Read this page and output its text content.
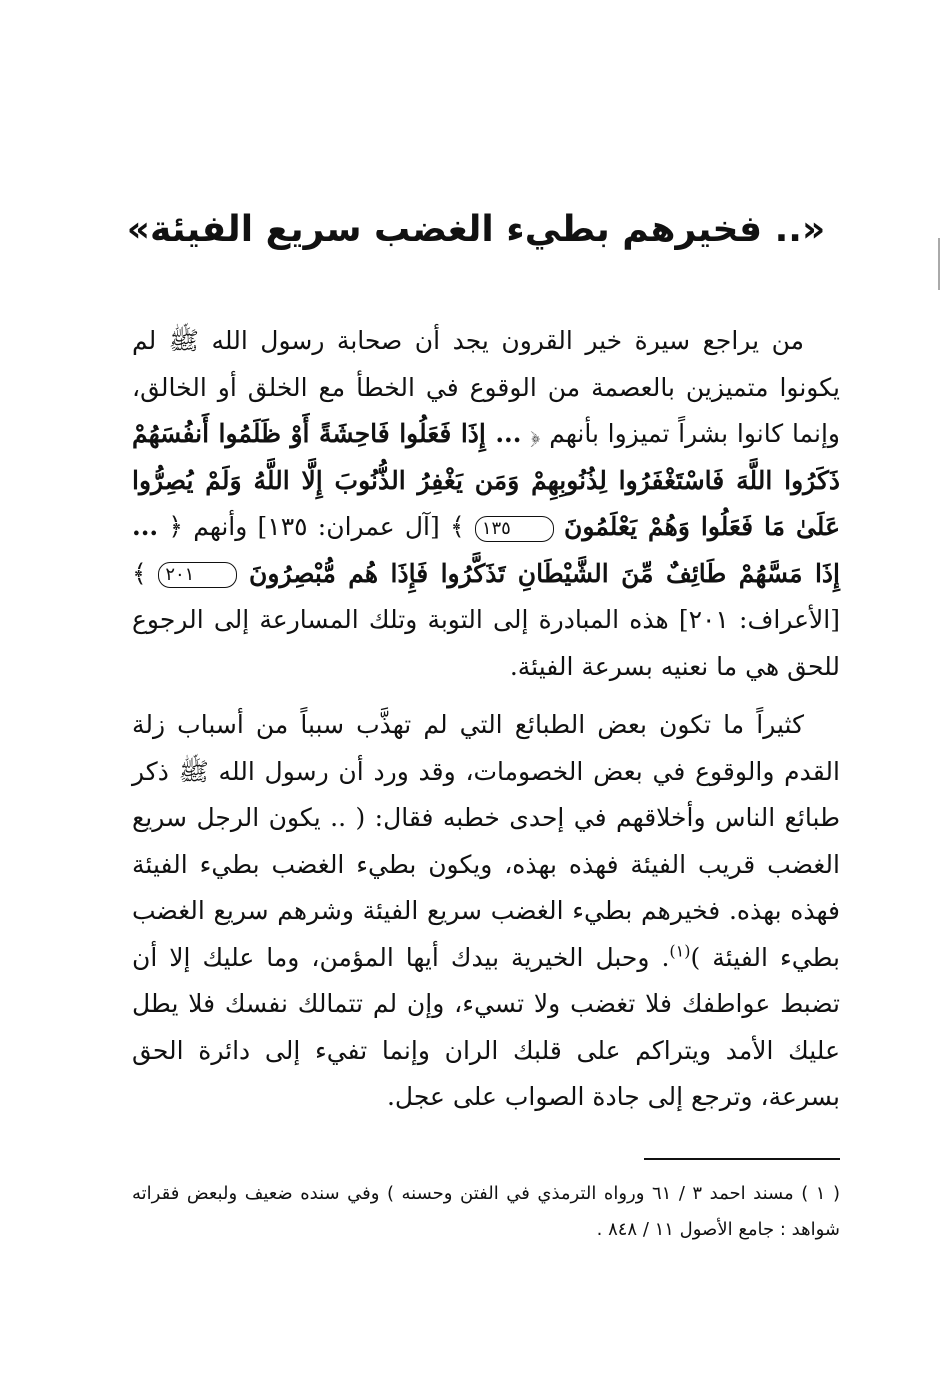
«.. فخيرهم بطيء الغضب سريع الفيئة»

من يراجع سيرة خير القرون يجد أن صحابة رسول الله ﷺ لم يكونوا متميزين بالعصمة من الوقوع في الخطأ مع الخلق أو الخالق، وإنما كانوا بشراً تميزوا بأنهم ﴿ ... إِذَا فَعَلُوا فَاحِشَةً أَوْ ظَلَمُوا أَنفُسَهُمْ ذَكَرُوا اللَّهَ فَاسْتَغْفَرُوا لِذُنُوبِهِمْ وَمَن يَغْفِرُ الذُّنُوبَ إِلَّا اللَّهُ وَلَمْ يُصِرُّوا عَلَىٰ مَا فَعَلُوا وَهُمْ يَعْلَمُونَ ١٣٥ ﴾ [آل عمران: ١٣٥] وأنهم ﴿ ... إِذَا مَسَّهُمْ طَائِفٌ مِّنَ الشَّيْطَانِ تَذَكَّرُوا فَإِذَا هُم مُّبْصِرُونَ ٢٠١ ﴾ [الأعراف: ٢٠١] هذه المبادرة إلى التوبة وتلك المسارعة إلى الرجوع للحق هي ما نعنيه بسرعة الفيئة.

كثيراً ما تكون بعض الطبائع التي لم تهذَّب سبباً من أسباب زلة القدم والوقوع في بعض الخصومات، وقد ورد أن رسول الله ﷺ ذكر طبائع الناس وأخلاقهم في إحدى خطبه فقال: ( .. يكون الرجل سريع الغضب قريب الفيئة فهذه بهذه، ويكون بطيء الغضب بطيء الفيئة فهذه بهذه. فخيرهم بطيء الغضب سريع الفيئة وشرهم سريع الغضب بطيء الفيئة )$^{(١)}$. وحبل الخيرية بيدك أيها المؤمن، وما عليك إلا أن تضبط عواطفك فلا تغضب ولا تسيء، وإن لم تتمالك نفسك فلا يطل عليك الأمد ويتراكم على قلبك الران وإنما تفيء إلى دائرة الحق بسرعة، وترجع إلى جادة الصواب على عجل.

( ١ ) مسند احمد ٣ / ٦١ ورواه الترمذي في الفتن وحسنه ) وفي سنده ضعيف ولبعض فقراته شواهد : جامع الأصول ١١ / ٨٤٨ .
